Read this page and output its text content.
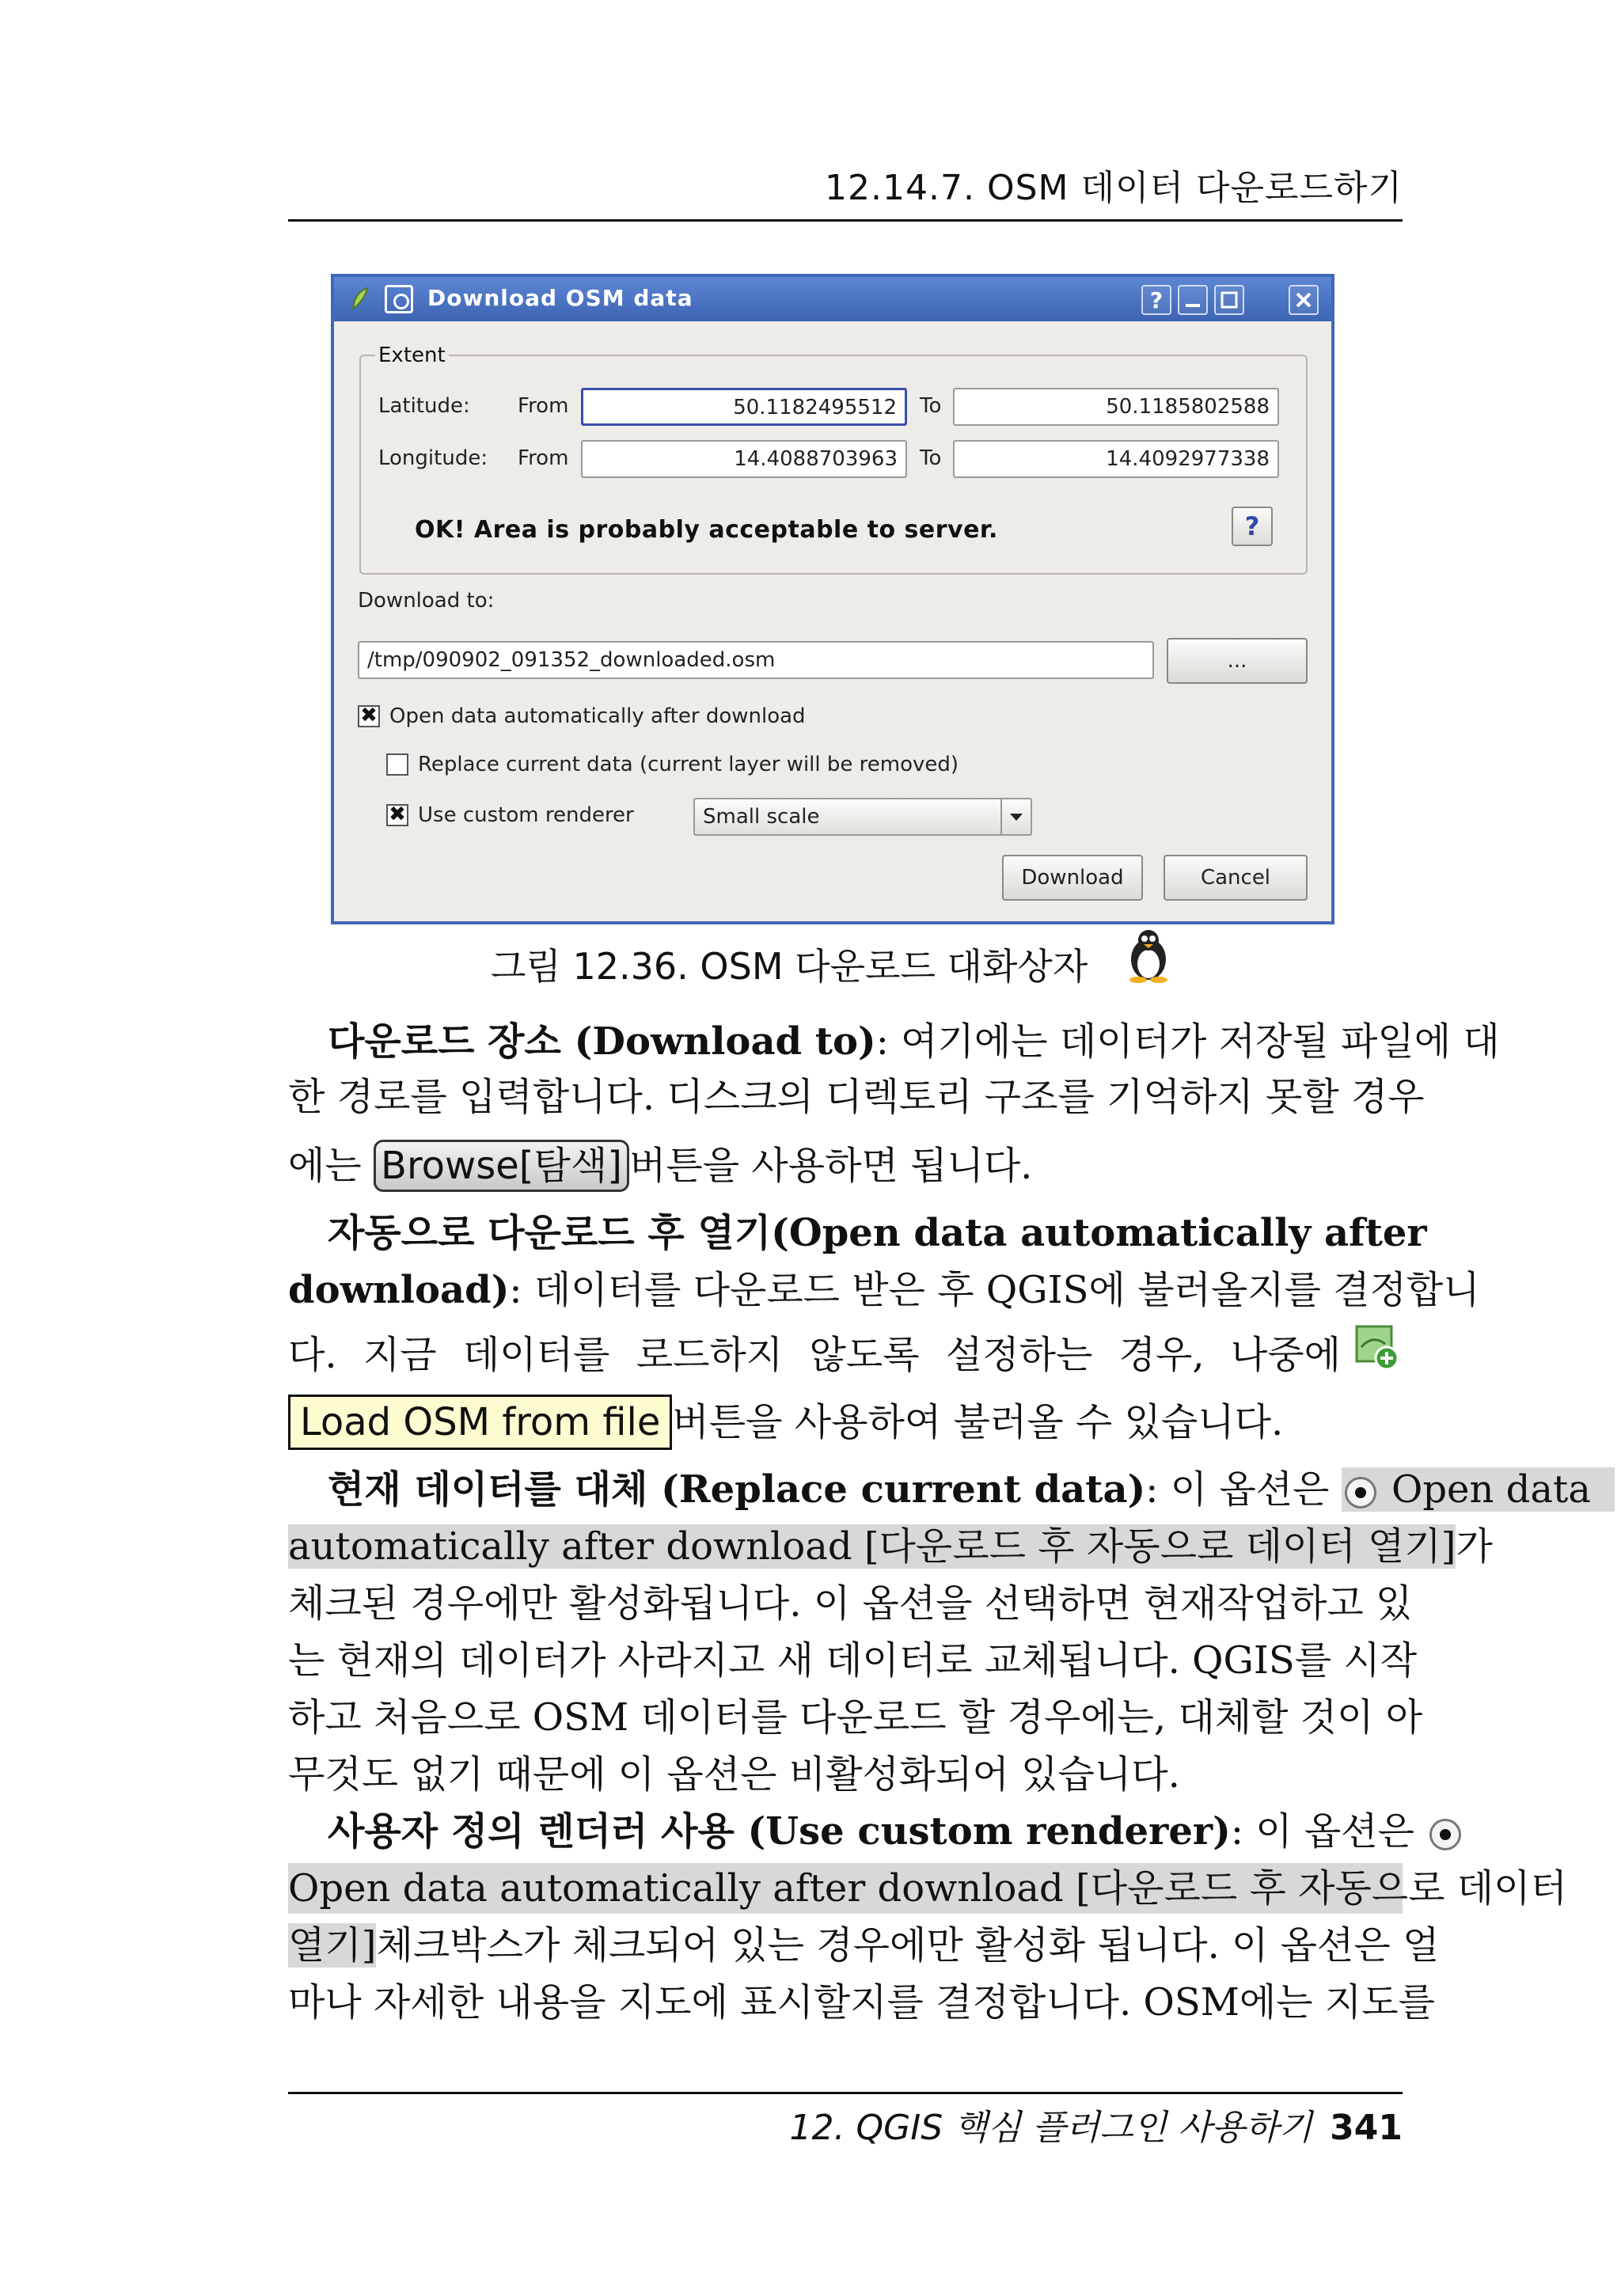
12.14.7. OSM 데이터 다운로드하기
Download OSM data	?
Extent
Latitude: From	50.1182495512	To	50.1185802588
Longitude: From	14.4088703963	To	14.4092977338
OK! Area is probably acceptable to server.	?
Download to:
/tmp/090902_091352_downloaded.osm	...
✖ Open data automatically after download
Replace current data (current layer will be removed)
✖ Use custom renderer	Small scale
Download	Cancel
그림 12.36. OSM 다운로드 대화상자
다운로드 장소 (Download to): 여기에는 데이터가 저장될 파일에 대
한 경로를 입력합니다. 디스크의 디렉토리 구조를 기억하지 못할 경우
에는 Browse[탐색] 버튼을 사용하면 됩니다.
자동으로 다운로드 후 열기(Open data automatically after
download): 데이터를 다운로드 받은 후 QGIS에 불러올지를 결정합니
다. 지금 데이터를 로드하지 않도록 설정하는 경우, 나중에
Load OSM from file 버튼을 사용하여 불러올 수 있습니다.
현재 데이터를 대체 (Replace current data): 이 옵션은 Open data
automatically after download [다운로드 후 자동으로 데이터 열기]가
체크된 경우에만 활성화됩니다. 이 옵션을 선택하면 현재작업하고 있
는 현재의 데이터가 사라지고 새 데이터로 교체됩니다. QGIS를 시작
하고 처음으로 OSM 데이터를 다운로드 할 경우에는, 대체할 것이 아
무것도 없기 때문에 이 옵션은 비활성화되어 있습니다.
사용자 정의 렌더러 사용 (Use custom renderer): 이 옵션은
Open data automatically after download [다운로드 후 자동으로 데이터
열기]체크박스가 체크되어 있는 경우에만 활성화 됩니다. 이 옵션은 얼
마나 자세한 내용을 지도에 표시할지를 결정합니다. OSM에는 지도를
12. QGIS 핵심 플러그인 사용하기 341
